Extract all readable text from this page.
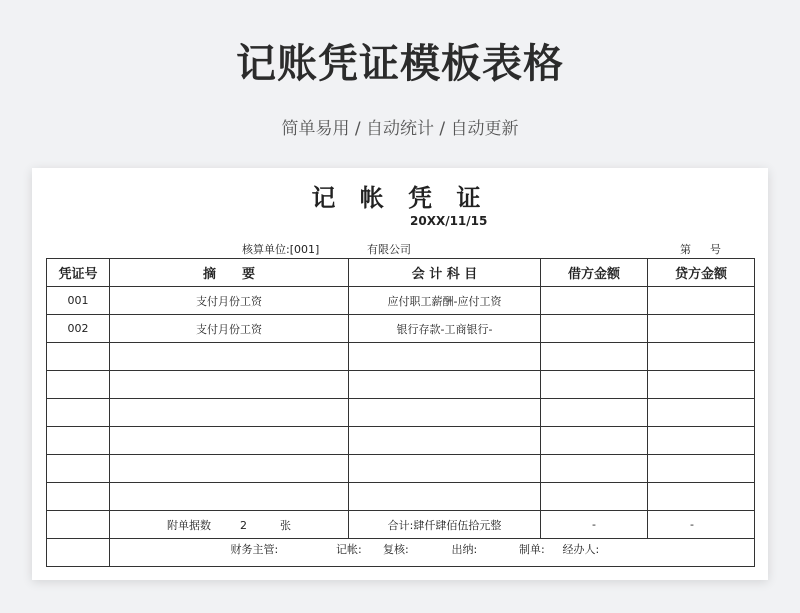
记账凭证模板表格
简单易用 / 自动统计 / 自动更新
记 帐 凭 证
20XX/11/15
核算单位:[001]	有限公司	第 号
凭证号	摘　　要	会 计 科 目	借方金额	贷方金额
001	支付月份工资	应付职工薪酬-应付工资		
002	支付月份工资	银行存款-工商银行-		

	附单据数 2 张	合计:肆仟肆佰伍拾元整	-	-

	财务主管: 记帐: 复核: 出纳: 制单: 经办人:			
